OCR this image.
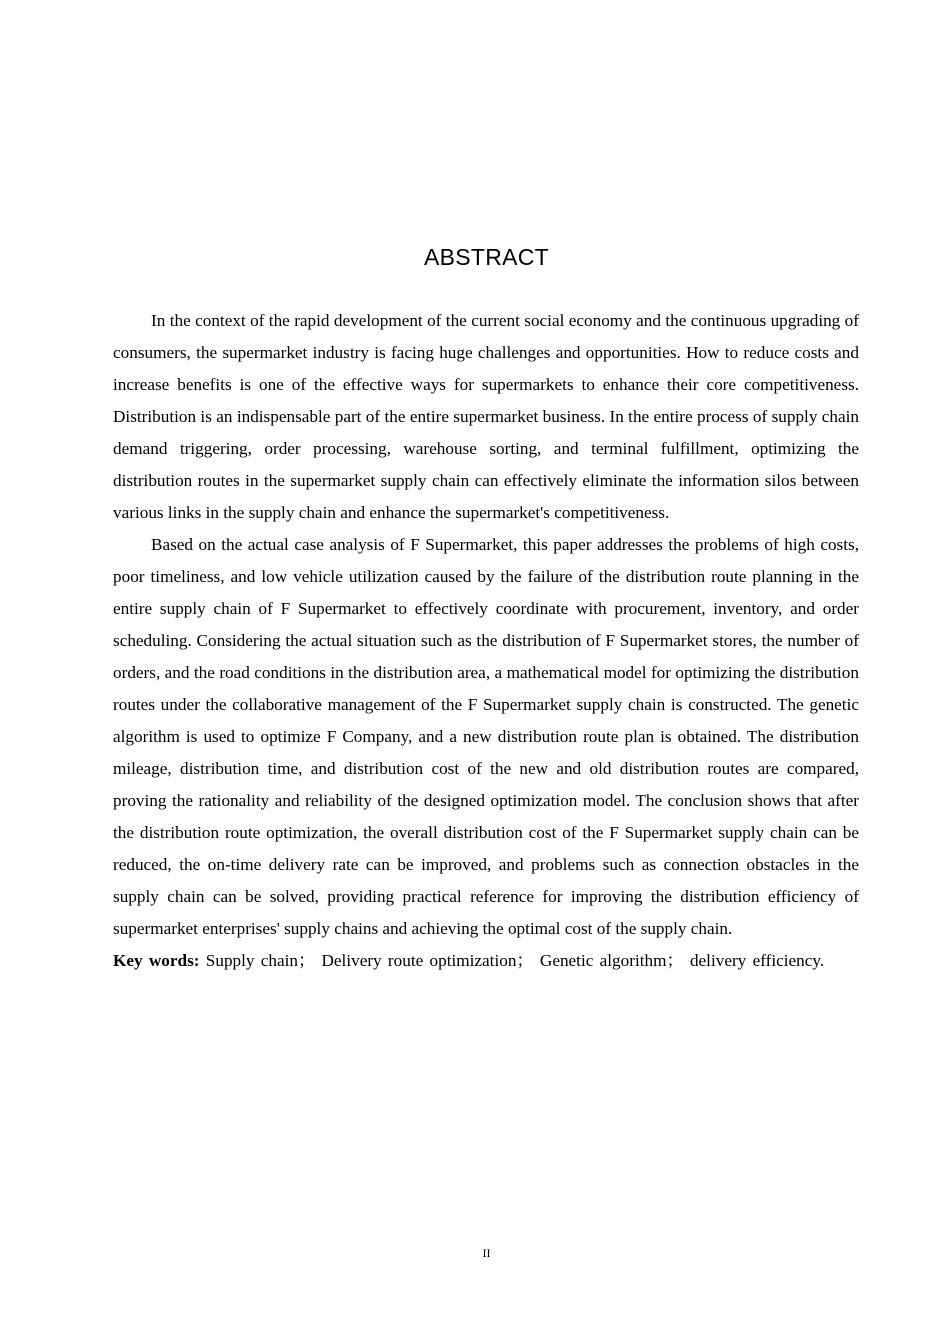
ABSTRACT

In the context of the rapid development of the current social economy and the continuous upgrading of consumers, the supermarket industry is facing huge challenges and opportunities. How to reduce costs and increase benefits is one of the effective ways for supermarkets to enhance their core competitiveness. Distribution is an indispensable part of the entire supermarket business. In the entire process of supply chain demand triggering, order processing, warehouse sorting, and terminal fulfillment, optimizing the distribution routes in the supermarket supply chain can effectively eliminate the information silos between various links in the supply chain and enhance the supermarket's competitiveness.

Based on the actual case analysis of F Supermarket, this paper addresses the problems of high costs, poor timeliness, and low vehicle utilization caused by the failure of the distribution route planning in the entire supply chain of F Supermarket to effectively coordinate with procurement, inventory, and order scheduling. Considering the actual situation such as the distribution of F Supermarket stores, the number of orders, and the road conditions in the distribution area, a mathematical model for optimizing the distribution routes under the collaborative management of the F Supermarket supply chain is constructed. The genetic algorithm is used to optimize F Company, and a new distribution route plan is obtained. The distribution mileage, distribution time, and distribution cost of the new and old distribution routes are compared, proving the rationality and reliability of the designed optimization model. The conclusion shows that after the distribution route optimization, the overall distribution cost of the F Supermarket supply chain can be reduced, the on-time delivery rate can be improved, and problems such as connection obstacles in the supply chain can be solved, providing practical reference for improving the distribution efficiency of supermarket enterprises' supply chains and achieving the optimal cost of the supply chain.

Key words: Supply chain； Delivery route optimization； Genetic algorithm； delivery efficiency.

II
